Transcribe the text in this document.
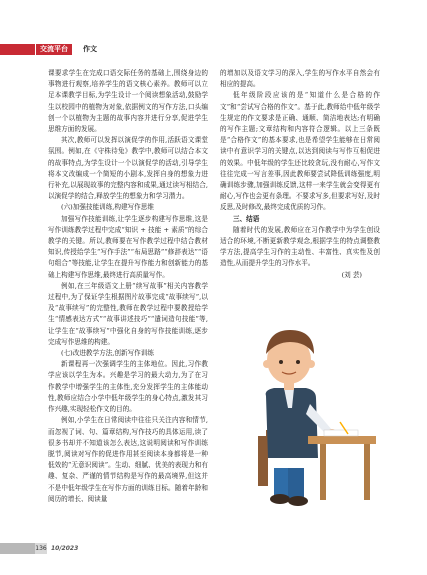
交流平台	作文

课要求学生在完成口语交际任务的基础上,围绕身边的事物进行观察,培养学生的语文核心素养。教师可以立足本课教学目标,为学生设计一个阅读想象活动,鼓励学生以校园中的植物为对象,依据例文的写作方法,口头编创一个以植物为主题的故事内容并进行分享,促进学生思维方面的发展。

其次,教师可以发挥以演促学的作用,活跃语文课堂氛围。例如,在《守株待兔》教学中,教师可以结合本文的故事特点,为学生设计一个以演促学的活动,引导学生将本文改编成一个简短的小剧本,发挥自身的想象力进行补充,以展现故事的完整内容和成果,通过读写相结合,以演促学的结合,释放学生的想象力和学习潜力。

(六)加强技能训练,构建写作思维

加强写作技能训练,让学生逐步构建写作思维,这是写作训练教学过程中完成“知识 + 技能 + 素质”的综合教学的关键。所以,教师要在写作教学过程中结合教材知识,传授给学生“写作手法”“布局思路”“修辞表达”“语句组合”等技能,让学生在提升写作能力和创新能力的基础上构建写作思维,最终进行高质量写作。

例如,在三年级语文上册“续写故事”相关内容教学过程中,为了保证学生根据图片故事完成“故事续写”,以及“故事续写”的完整性,教师在教学过程中要教授给学生“情感表达方式”“故事讲述技巧”“遣词造句技能”等,让学生在“故事续写”中强化自身的写作技能训练,逐步完成写作思维的构建。

(七)改进教学方法,创新写作训练

新课程再一次强调学生的主体地位。因此,习作教学应该以学生为本。兴趣是学习的最大动力,为了在习作教学中增强学生的主体性,充分发挥学生的主体能动性,教师应结合小学中低年级学生的身心特点,激发其习作兴趣,实现轻松作文的目的。

例如,小学生在日常阅读中往往只关注内容和情节,而忽视了词、句、篇章结构,写作技巧的具体运用,读了很多书却并不知道该怎么表达,这说明阅读和写作训练脱节,阅读对写作的促进作用甚至阅读本身都将是一种低效的“无意识阅读”。生动、细腻、优美的表现力和有趣、复杂、严谨的情节结构是写作的最高境界,但这并不是中低年级学生在写作方面的训练目标。随着年龄和阅历的增长、阅读量

的增加以及语文学习的深入,学生的写作水平自然会有相应的提高。

低年级阶段应该的是“知道什么是合格的作文”和“尝试写合格的作文”。基于此,教师给中低年级学生规定的作文要求是正确、通顺、简洁地表达;有明确的写作主题;文章结构和内容符合逻辑。以上三条既是“合格作文”的基本要求,也是希望学生能够在日常阅读中有意识学习的关键点,以达到阅读与写作互相促进的效果。中低年级的学生还比较贪玩,没有耐心,写作文往往完成一写言差事,因此教师要尝试降低训练强度,明确训练步骤,加强训练反馈,这样一来学生就会变得更有耐心,写作也会更有条理。不要求写多,但要求写好,及时反思,及时修改,最终完成优质的习作。

三、结语

随着时代的发展,教师应在习作教学中为学生创设适合的环境,不断更新教学观念,根据学生的特点调整教学方法,提高学生习作的主动性、丰富性、真实性及创造性,从而提升学生的习作水平。

(刘 芸)

136 10/2023
